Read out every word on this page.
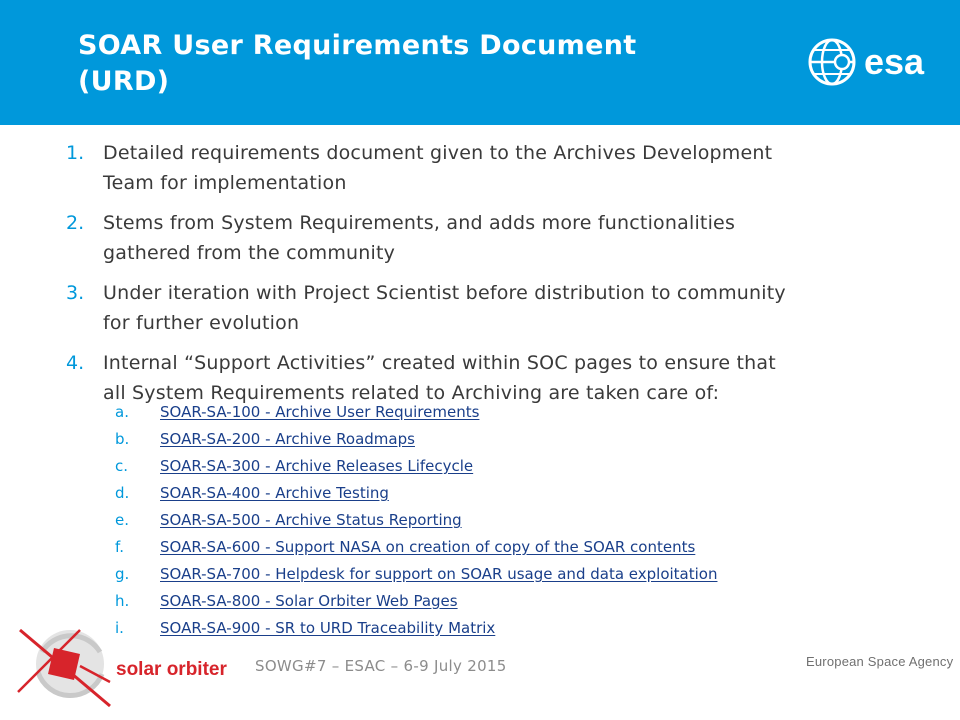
SOAR User Requirements Document
(URD)	esa
1. Detailed requirements document given to the Archives Development
Team for implementation
2. Stems from System Requirements, and adds more functionalities
gathered from the community
3. Under iteration with Project Scientist before distribution to community
for further evolution
4. Internal “Support Activities” created within SOC pages to ensure that
all System Requirements related to Archiving are taken care of:
a. SOAR-SA-100 - Archive User Requirements
b. SOAR-SA-200 - Archive Roadmaps
c. SOAR-SA-300 - Archive Releases Lifecycle
d. SOAR-SA-400 - Archive Testing
e. SOAR-SA-500 - Archive Status Reporting
f. SOAR-SA-600 - Support NASA on creation of copy of the SOAR contents
g. SOAR-SA-700 - Helpdesk for support on SOAR usage and data exploitation
h. SOAR-SA-800 - Solar Orbiter Web Pages
i. SOAR-SA-900 - SR to URD Traceability Matrix
solar orbiter SOWG#7 – ESAC – 6-9 July 2015	European Space Agency
